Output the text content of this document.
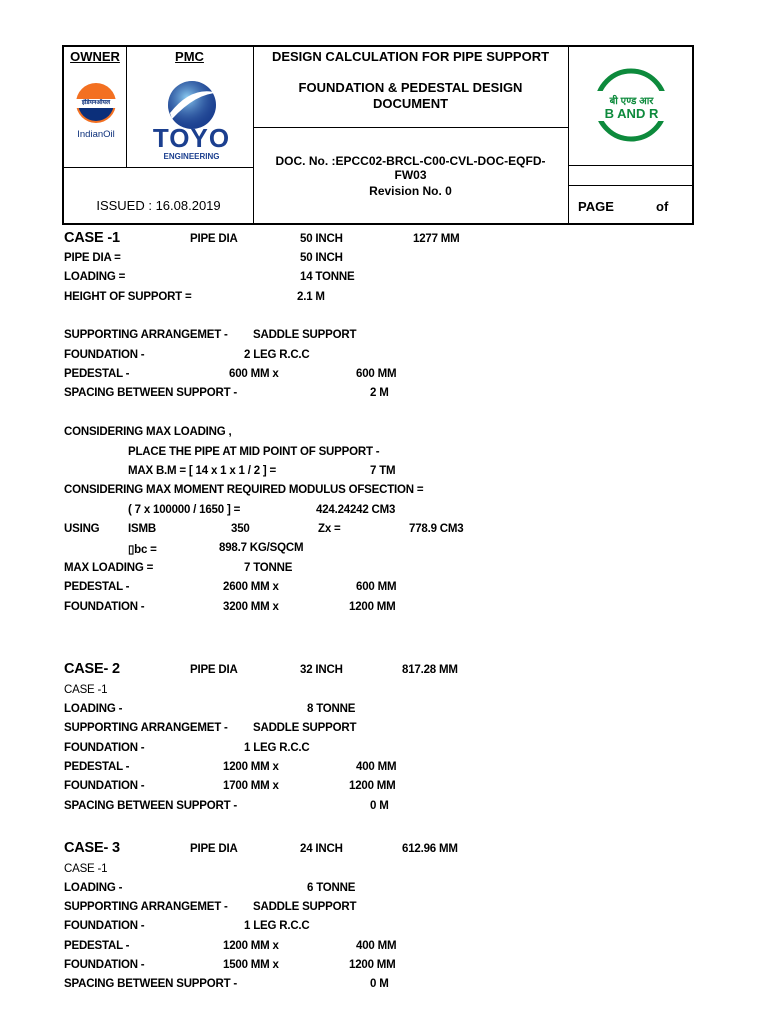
OWNER	PMC
इंडियनऑयल
IndianOil	TOYO
ENGINEERING
DESIGN CALCULATION FOR PIPE SUPPORT
FOUNDATION & PEDESTAL DESIGN
DOCUMENT
DOC. No. :EPCC02-BRCL-C00-CVL-DOC-EQFD-
FW03
Revision No. 0
ISSUED : 16.08.2019
बी एण्ड आर
B AND R
PAGE	of
CASE -1	PIPE DIA	50 INCH	1277 MM
PIPE DIA =	50 INCH
LOADING =	14 TONNE
HEIGHT OF SUPPORT =	2.1 M
SUPPORTING ARRANGEMET - SADDLE SUPPORT
FOUNDATION -	2 LEG R.C.C
PEDESTAL -	600 MM x	600 MM
SPACING BETWEEN SUPPORT -	2 M
CONSIDERING MAX LOADING ,
PLACE THE PIPE AT MID POINT OF SUPPORT -
MAX B.M = [ 14 x 1 x 1 / 2 ] =	7 TM
CONSIDERING MAX MOMENT REQUIRED MODULUS OFSECTION =
( 7 x 100000 / 1650 ] =	424.24242 CM3
USING ISMB	350	Zx =	778.9 CM3
▯bc =	898.7 KG/SQCM
MAX LOADING =	7 TONNE
PEDESTAL -	2600 MM x	600 MM
FOUNDATION -	3200 MM x	1200 MM
CASE- 2	PIPE DIA	32 INCH	817.28 MM
CASE -1
LOADING -	8 TONNE
SUPPORTING ARRANGEMET - SADDLE SUPPORT
FOUNDATION -	1 LEG R.C.C
PEDESTAL -	1200 MM x	400 MM
FOUNDATION -	1700 MM x	1200 MM
SPACING BETWEEN SUPPORT -	0 M
CASE- 3	PIPE DIA	24 INCH	612.96 MM
CASE -1
LOADING -	6 TONNE
SUPPORTING ARRANGEMET - SADDLE SUPPORT
FOUNDATION -	1 LEG R.C.C
PEDESTAL -	1200 MM x	400 MM
FOUNDATION -	1500 MM x	1200 MM
SPACING BETWEEN SUPPORT -	0 M
